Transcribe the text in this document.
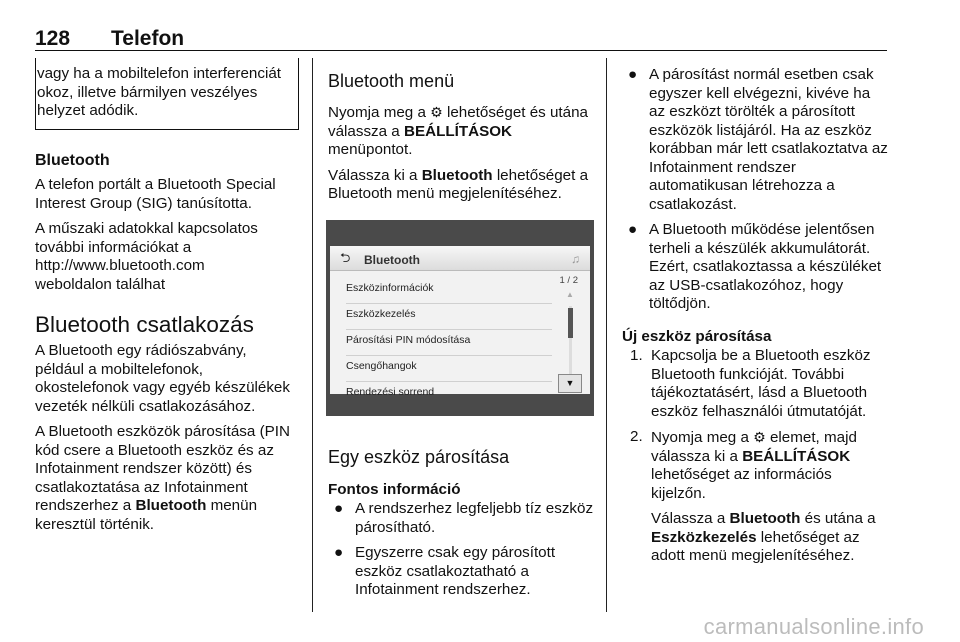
128 Telefon
vagy ha a mobiltelefon interferenciát okoz, illetve bármilyen veszélyes helyzet adódik.
Bluetooth

A telefon portált a Bluetooth Special Interest Group (SIG) tanúsította.

A műszaki adatokkal kapcsolatos további információkat a
http://www.bluetooth.com
weboldalon találhat

Bluetooth csatlakozás

A Bluetooth egy rádiószabvány, például a mobiltelefonok, okostelefonok vagy egyéb készülékek vezeték nélküli csatlakozásához.

A Bluetooth eszközök párosítása (PIN kód csere a Bluetooth eszköz és az Infotainment rendszer között) és csatlakoztatása az Infotainment rendszerhez a Bluetooth menün keresztül történik.

Bluetooth menü

Nyomja meg a ⚙ lehetőséget és utána válassza a BEÁLLÍTÁSOK menüpontot.

Válassza ki a Bluetooth lehetőséget a Bluetooth menü megjelenítéséhez.

⮌ Bluetooth	♫
Eszközinformációk
Eszközkezelés
Párosítási PIN módosítása
Csengőhangok
Rendezési sorrend
1 / 2
▲
▼
Egy eszköz párosítása
Fontos információ
● A rendszerhez legfeljebb tíz eszköz párosítható.
● Egyszerre csak egy párosított eszköz csatlakoztatható a Infotainment rendszerhez.
● A párosítást normál esetben csak egyszer kell elvégezni, kivéve ha az eszközt törölték a párosított eszközök listájáról. Ha az eszköz korábban már lett csatlakoztatva az Infotainment rendszer automatikusan létrehozza a csatlakozást.
● A Bluetooth működése jelentősen terheli a készülék akkumulátorát. Ezért, csatlakoztassa a készüléket az USB-csatlakozóhoz, hogy töltődjön.
Új eszköz párosítása
1. Kapcsolja be a Bluetooth eszköz Bluetooth funkcióját. További tájékoztatásért, lásd a Bluetooth eszköz felhasználói útmutatóját.
2. Nyomja meg a ⚙ elemet, majd válassza ki a BEÁLLÍTÁSOK lehetőséget az információs kijelzőn.
Válassza a Bluetooth és utána a Eszközkezelés lehetőséget az adott menü megjelenítéséhez.
carmanualsonline.info
